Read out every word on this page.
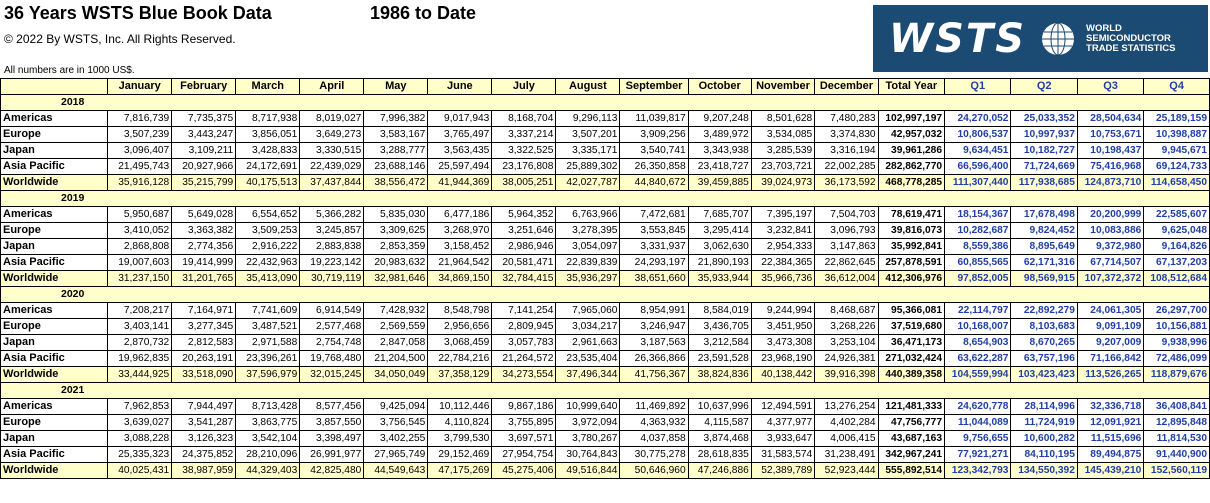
36 Years WSTS Blue Book Data	1986 to Date
© 2022 By WSTS, Inc. All Rights Reserved.
All numbers are in 1000 US$.
WSTS	WORLD
SEMICONDUCTOR
TRADE STATISTICS
	January	February	March	April	May	June	July	August	September	October	November	December	Total Year	Q1	Q2	Q3	Q4
2018																	
Americas	7,816,739	7,735,375	8,717,938	8,019,027	7,996,382	9,017,943	8,168,704	9,296,113	11,039,817	9,207,248	8,501,628	7,480,283	102,997,197	24,270,052	25,033,352	28,504,634	25,189,159
Europe	3,507,239	3,443,247	3,856,051	3,649,273	3,583,167	3,765,497	3,337,214	3,507,201	3,909,256	3,489,972	3,534,085	3,374,830	42,957,032	10,806,537	10,997,937	10,753,671	10,398,887
Japan	3,096,407	3,109,211	3,428,833	3,330,515	3,288,777	3,563,435	3,322,525	3,335,171	3,540,741	3,343,938	3,285,539	3,316,194	39,961,286	9,634,451	10,182,727	10,198,437	9,945,671
Asia Pacific	21,495,743	20,927,966	24,172,691	22,439,029	23,688,146	25,597,494	23,176,808	25,889,302	26,350,858	23,418,727	23,703,721	22,002,285	282,862,770	66,596,400	71,724,669	75,416,968	69,124,733
Worldwide	35,916,128	35,215,799	40,175,513	37,437,844	38,556,472	41,944,369	38,005,251	42,027,787	44,840,672	39,459,885	39,024,973	36,173,592	468,778,285	111,307,440	117,938,685	124,873,710	114,658,450
2019																	
Americas	5,950,687	5,649,028	6,554,652	5,366,282	5,835,030	6,477,186	5,964,352	6,763,966	7,472,681	7,685,707	7,395,197	7,504,703	78,619,471	18,154,367	17,678,498	20,200,999	22,585,607
Europe	3,410,052	3,363,382	3,509,253	3,245,857	3,309,625	3,268,970	3,251,646	3,278,395	3,553,845	3,295,414	3,232,841	3,096,793	39,816,073	10,282,687	9,824,452	10,083,886	9,625,048
Japan	2,868,808	2,774,356	2,916,222	2,883,838	2,853,359	3,158,452	2,986,946	3,054,097	3,331,937	3,062,630	2,954,333	3,147,863	35,992,841	8,559,386	8,895,649	9,372,980	9,164,826
Asia Pacific	19,007,603	19,414,999	22,432,963	19,223,142	20,983,632	21,964,542	20,581,471	22,839,839	24,293,197	21,890,193	22,384,365	22,862,645	257,878,591	60,855,565	62,171,316	67,714,507	67,137,203
Worldwide	31,237,150	31,201,765	35,413,090	30,719,119	32,981,646	34,869,150	32,784,415	35,936,297	38,651,660	35,933,944	35,966,736	36,612,004	412,306,976	97,852,005	98,569,915	107,372,372	108,512,684
2020																	
Americas	7,208,217	7,164,971	7,741,609	6,914,549	7,428,932	8,548,798	7,141,254	7,965,060	8,954,991	8,584,019	9,244,994	8,468,687	95,366,081	22,114,797	22,892,279	24,061,305	26,297,700
Europe	3,403,141	3,277,345	3,487,521	2,577,468	2,569,559	2,956,656	2,809,945	3,034,217	3,246,947	3,436,705	3,451,950	3,268,226	37,519,680	10,168,007	8,103,683	9,091,109	10,156,881
Japan	2,870,732	2,812,583	2,971,588	2,754,748	2,847,058	3,068,459	3,057,783	2,961,663	3,187,563	3,212,584	3,473,308	3,253,104	36,471,173	8,654,903	8,670,265	9,207,009	9,938,996
Asia Pacific	19,962,835	20,263,191	23,396,261	19,768,480	21,204,500	22,784,216	21,264,572	23,535,404	26,366,866	23,591,528	23,968,190	24,926,381	271,032,424	63,622,287	63,757,196	71,166,842	72,486,099
Worldwide	33,444,925	33,518,090	37,596,979	32,015,245	34,050,049	37,358,129	34,273,554	37,496,344	41,756,367	38,824,836	40,138,442	39,916,398	440,389,358	104,559,994	103,423,423	113,526,265	118,879,676
2021																	
Americas	7,962,853	7,944,497	8,713,428	8,577,456	9,425,094	10,112,446	9,867,186	10,999,640	11,469,892	10,637,996	12,494,591	13,276,254	121,481,333	24,620,778	28,114,996	32,336,718	36,408,841
Europe	3,639,027	3,541,287	3,863,775	3,857,550	3,756,545	4,110,824	3,755,895	3,972,094	4,363,932	4,115,587	4,377,977	4,402,284	47,756,777	11,044,089	11,724,919	12,091,921	12,895,848
Japan	3,088,228	3,126,323	3,542,104	3,398,497	3,402,255	3,799,530	3,697,571	3,780,267	4,037,858	3,874,468	3,933,647	4,006,415	43,687,163	9,756,655	10,600,282	11,515,696	11,814,530
Asia Pacific	25,335,323	24,375,852	28,210,096	26,991,977	27,965,749	29,152,469	27,954,754	30,764,843	30,775,278	28,618,835	31,583,574	31,238,491	342,967,241	77,921,271	84,110,195	89,494,875	91,440,900
Worldwide	40,025,431	38,987,959	44,329,403	42,825,480	44,549,643	47,175,269	45,275,406	49,516,844	50,646,960	47,246,886	52,389,789	52,923,444	555,892,514	123,342,793	134,550,392	145,439,210	152,560,119
